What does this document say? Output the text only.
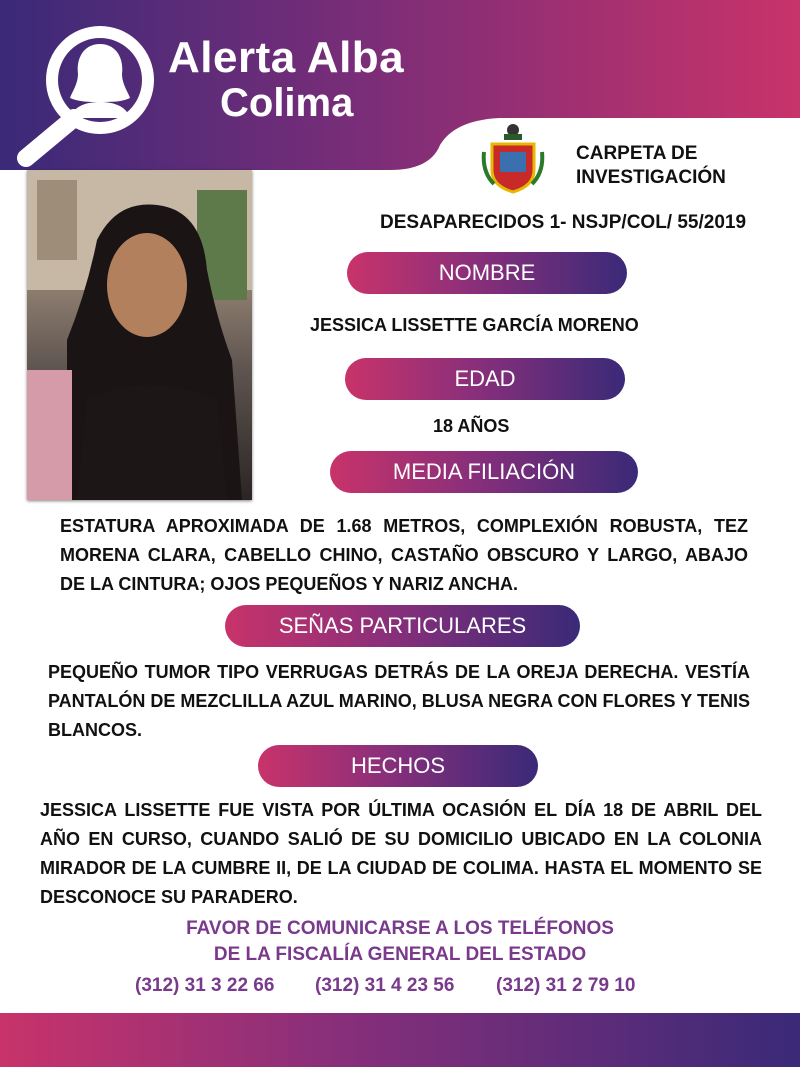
Alerta Alba
Colima
CARPETA DE
INVESTIGACIÓN
DESAPARECIDOS 1- NSJP/COL/ 55/2019
NOMBRE
JESSICA LISSETTE GARCÍA MORENO
EDAD
18 AÑOS
MEDIA FILIACIÓN
ESTATURA APROXIMADA DE 1.68 METROS, COMPLEXIÓN ROBUSTA, TEZ MORENA CLARA, CABELLO CHINO, CASTAÑO OBSCURO Y LARGO, ABAJO DE LA CINTURA; OJOS PEQUEÑOS Y NARIZ ANCHA.
SEÑAS PARTICULARES
PEQUEÑO TUMOR TIPO VERRUGAS DETRÁS DE LA OREJA DERECHA. VESTÍA PANTALÓN DE MEZCLILLA AZUL MARINO, BLUSA NEGRA CON FLORES Y TENIS BLANCOS.
HECHOS
JESSICA LISSETTE FUE VISTA POR ÚLTIMA OCASIÓN EL DÍA 18 DE ABRIL DEL AÑO EN CURSO, CUANDO SALIÓ DE SU DOMICILIO UBICADO EN LA COLONIA MIRADOR DE LA CUMBRE II, DE LA CIUDAD DE COLIMA. HASTA EL MOMENTO SE DESCONOCE SU PARADERO.
FAVOR DE COMUNICARSE A LOS TELÉFONOS
DE LA FISCALÍA GENERAL DEL ESTADO
(312) 31 3 22 66 (312) 31 4 23 56 (312) 31 2 79 10
